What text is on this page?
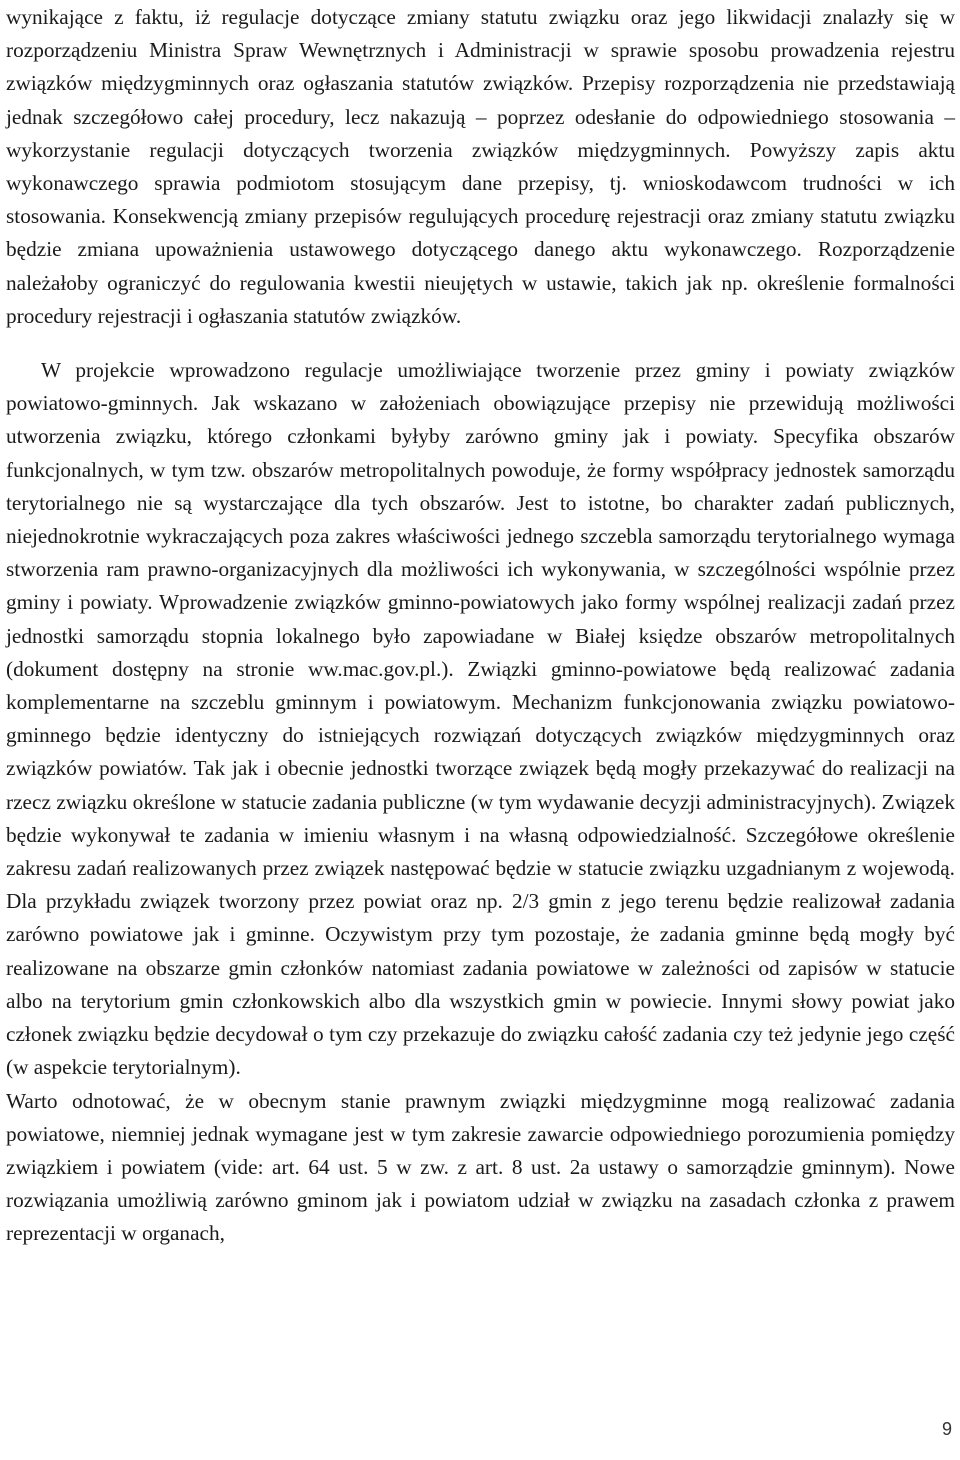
wynikające z faktu, iż regulacje dotyczące zmiany statutu związku oraz jego likwidacji znalazły się w rozporządzeniu Ministra Spraw Wewnętrznych i Administracji w sprawie sposobu prowadzenia rejestru związków międzygminnych oraz ogłaszania statutów związków. Przepisy rozporządzenia nie przedstawiają jednak szczegółowo całej procedury, lecz nakazują – poprzez odesłanie do odpowiedniego stosowania – wykorzystanie regulacji dotyczących tworzenia związków międzygminnych. Powyższy zapis aktu wykonawczego sprawia podmiotom stosującym dane przepisy, tj. wnioskodawcom trudności w ich stosowania. Konsekwencją zmiany przepisów regulujących procedurę rejestracji oraz zmiany statutu związku będzie zmiana upoważnienia ustawowego dotyczącego danego aktu wykonawczego. Rozporządzenie należałoby ograniczyć do regulowania kwestii nieujętych w ustawie, takich jak np. określenie formalności procedury rejestracji i ogłaszania statutów związków.

W projekcie wprowadzono regulacje umożliwiające tworzenie przez gminy i powiaty związków powiatowo-gminnych. Jak wskazano w założeniach obowiązujące przepisy nie przewidują możliwości utworzenia związku, którego członkami byłyby zarówno gminy jak i powiaty. Specyfika obszarów funkcjonalnych, w tym tzw. obszarów metropolitalnych powoduje, że formy współpracy jednostek samorządu terytorialnego nie są wystarczające dla tych obszarów. Jest to istotne, bo charakter zadań publicznych, niejednokrotnie wykraczających poza zakres właściwości jednego szczebla samorządu terytorialnego wymaga stworzenia ram prawno-organizacyjnych dla możliwości ich wykonywania, w szczególności wspólnie przez gminy i powiaty. Wprowadzenie związków gminno-powiatowych jako formy wspólnej realizacji zadań przez jednostki samorządu stopnia lokalnego było zapowiadane w Białej księdze obszarów metropolitalnych (dokument dostępny na stronie ww.mac.gov.pl.). Związki gminno-powiatowe będą realizować zadania komplementarne na szczeblu gminnym i powiatowym. Mechanizm funkcjonowania związku powiatowo-gminnego będzie identyczny do istniejących rozwiązań dotyczących związków międzygminnych oraz związków powiatów. Tak jak i obecnie jednostki tworzące związek będą mogły przekazywać do realizacji na rzecz związku określone w statucie zadania publiczne (w tym wydawanie decyzji administracyjnych). Związek będzie wykonywał te zadania w imieniu własnym i na własną odpowiedzialność. Szczegółowe określenie zakresu zadań realizowanych przez związek następować będzie w statucie związku uzgadnianym z wojewodą. Dla przykładu związek tworzony przez powiat oraz np. 2/3 gmin z jego terenu będzie realizował zadania zarówno powiatowe jak i gminne. Oczywistym przy tym pozostaje, że zadania gminne będą mogły być realizowane na obszarze gmin członków natomiast zadania powiatowe w zależności od zapisów w statucie albo na terytorium gmin członkowskich albo dla wszystkich gmin w powiecie. Innymi słowy powiat jako członek związku będzie decydował o tym czy przekazuje do związku całość zadania czy też jedynie jego część (w aspekcie terytorialnym).

Warto odnotować, że w obecnym stanie prawnym związki międzygminne mogą realizować zadania powiatowe, niemniej jednak wymagane jest w tym zakresie zawarcie odpowiedniego porozumienia pomiędzy związkiem i powiatem (vide: art. 64 ust. 5 w zw. z art. 8 ust. 2a ustawy o samorządzie gminnym). Nowe rozwiązania umożliwią zarówno gminom jak i powiatom udział w związku na zasadach członka z prawem reprezentacji w organach,

9
